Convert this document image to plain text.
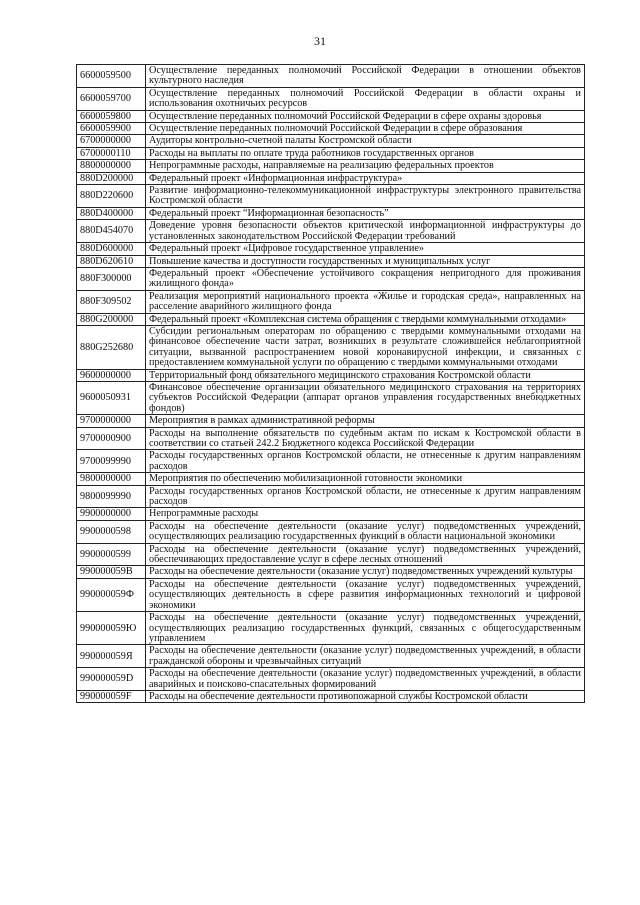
31
6600059500	Осуществление переданных полномочий Российской Федерации в отношении объектов культурного наследия
6600059700	Осуществление переданных полномочий Российской Федерации в области охраны и использования охотничьих ресурсов
6600059800	Осуществление переданных полномочий Российской Федерации в сфере охраны здоровья
6600059900	Осуществление переданных полномочий Российской Федерации в сфере образования
6700000000	Аудиторы контрольно-счетной палаты Костромской области
6700000110	Расходы на выплаты по оплате труда работников государственных органов
8800000000	Непрограммные расходы, направляемые на реализацию федеральных проектов
880D200000	Федеральный проект «Информационная инфраструктура»
880D220600	Развитие информационно-телекоммуникационной инфраструктуры электронного правительства Костромской области
880D400000	Федеральный проект “Информационная безопасность”
880D454070	Доведение уровня безопасности объектов критической информационной инфраструктуры до установленных законодательством Российской Федерации требований
880D600000	Федеральный проект «Цифровое государственное управление»
880D620610	Повышение качества и доступности государственных и муниципальных услуг
880F300000	Федеральный проект «Обеспечение устойчивого сокращения непригодного для проживания жилищного фонда»
880F309502	Реализация мероприятий национального проекта «Жилье и городская среда», направленных на расселение аварийного жилищного фонда
880G200000	Федеральный проект «Комплексная система обращения с твердыми коммунальными отходами»
880G252680	Субсидии региональным операторам по обращению с твердыми коммунальными отходами на финансовое обеспечение части затрат, возникших в результате сложившейся неблагоприятной ситуации, вызванной распространением новой коронавирусной инфекции, и связанных с предоставлением коммунальной услуги по обращению с твердыми коммунальными отходами
9600000000	Территориальный фонд обязательного медицинского страхования Костромской области
9600050931	Финансовое обеспечение организации обязательного медицинского страхования на территориях субъектов Российской Федерации (аппарат органов управления государственных внебюджетных фондов)
9700000000	Мероприятия в рамках административной реформы
9700000900	Расходы на выполнение обязательств по судебным актам по искам к Костромской области в соответствии со статьей 242.2 Бюджетного кодекса Российской Федерации
9700099990	Расходы государственных органов Костромской области, не отнесенные к другим направлениям расходов
9800000000	Мероприятия по обеспечению мобилизационной готовности экономики
9800099990	Расходы государственных органов Костромской области, не отнесенные к другим направлениям расходов
9900000000	Непрограммные расходы
9900000598	Расходы на обеспечение деятельности (оказание услуг) подведомственных учреждений, осуществляющих реализацию государственных функций в области национальной экономики
9900000599	Расходы на обеспечение деятельности (оказание услуг) подведомственных учреждений, обеспечивающих предоставление услуг в сфере лесных отношений
990000059В	Расходы на обеспечение деятельности (оказание услуг) подведомственных учреждений культуры
990000059Ф	Расходы на обеспечение деятельности (оказание услуг) подведомственных учреждений, осуществляющих деятельность в сфере развития информационных технологий и цифровой экономики
990000059Ю	Расходы на обеспечение деятельности (оказание услуг) подведомственных учреждений, осуществляющих реализацию государственных функций, связанных с общегосударственным управлением
990000059Я	Расходы на обеспечение деятельности (оказание услуг) подведомственных учреждений, в области гражданской обороны и чрезвычайных ситуаций
990000059D	Расходы на обеспечение деятельности (оказание услуг) подведомственных учреждений, в области аварийных и поисково-спасательных формирований
990000059F	Расходы на обеспечение деятельности противопожарной службы Костромской области
